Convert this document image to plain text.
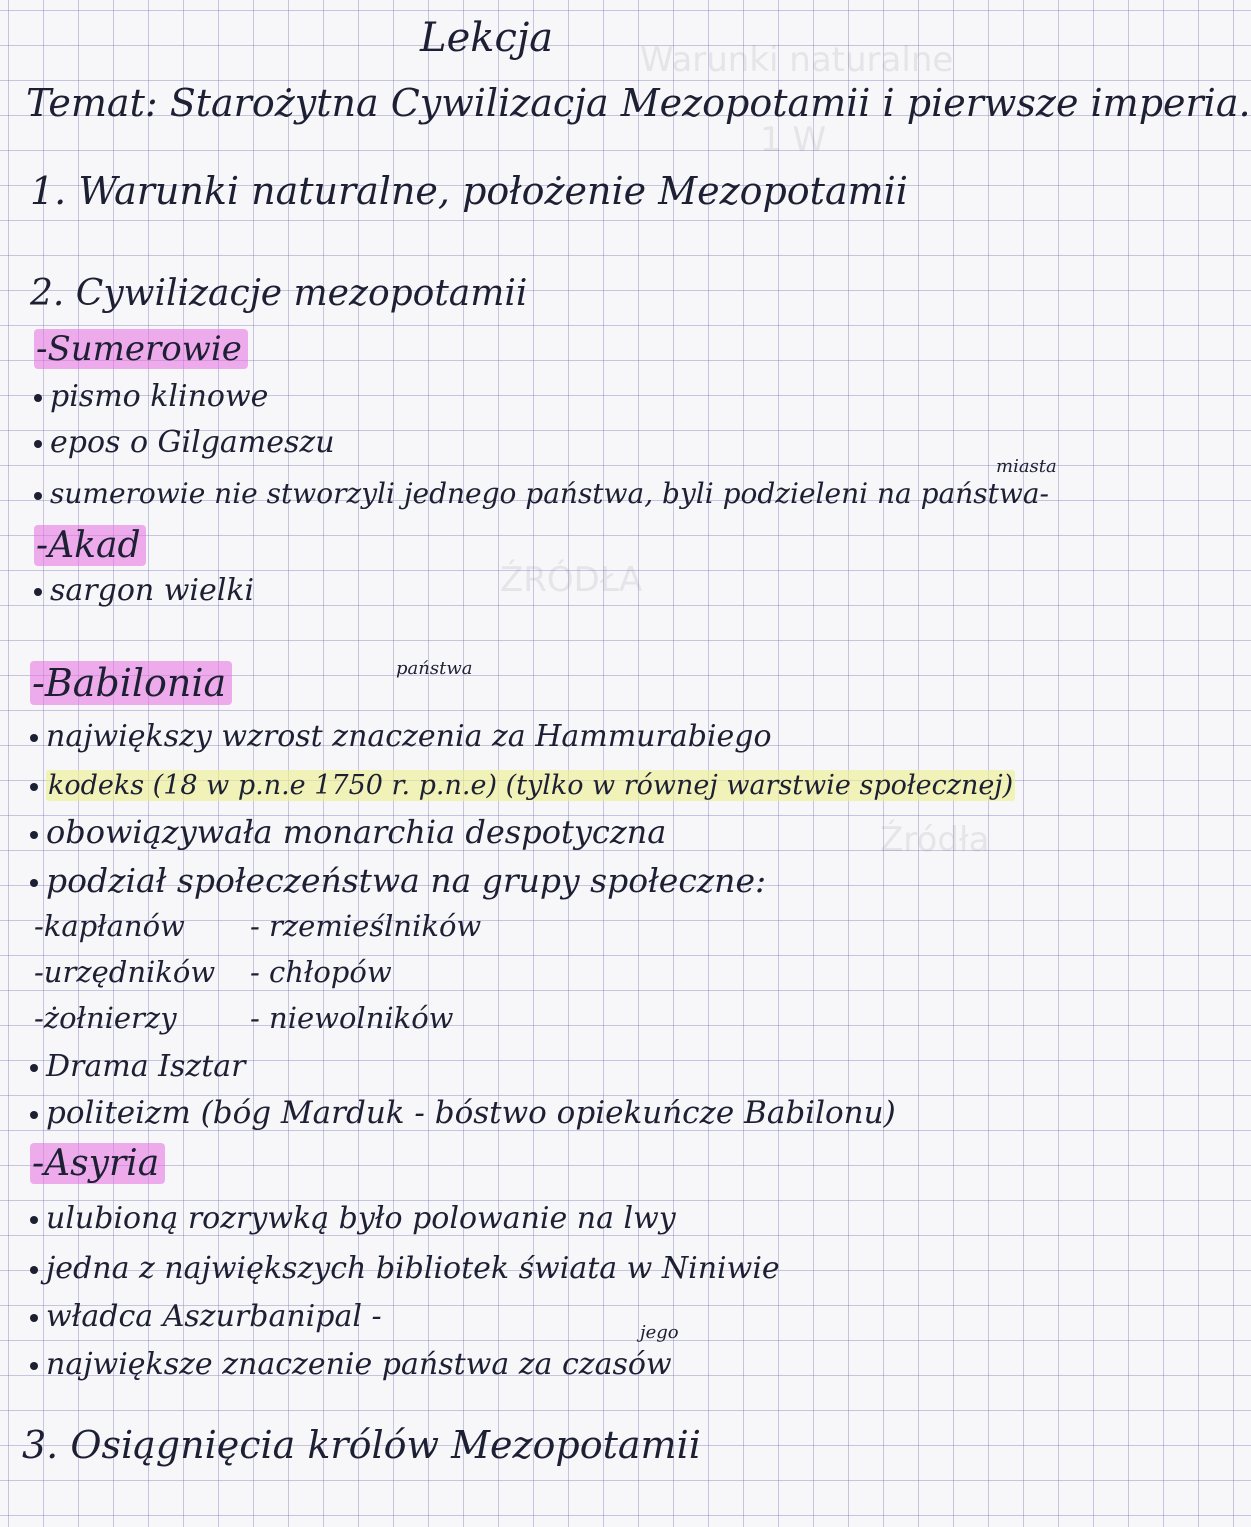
Warunki naturalne
1 W
ŹRÓDŁA
Źródła
Lekcja
Temat: Starożytna Cywilizacja Mezopotamii i pierwsze imperia.
1. Warunki naturalne, położenie Mezopotamii
2. Cywilizacje mezopotamii
-Sumerowie
pismo klinowe
epos o Gilgameszu
miasta
sumerowie nie stworzyli jednego państwa, byli podzieleni na państwa-
-Akad
sargon wielki
-Babilonia	państwa
największy wzrost znaczenia za Hammurabiego
kodeks (18 w p.n.e 1750 r. p.n.e) (tylko w równej warstwie społecznej)
obowiązywała monarchia despotyczna
podział społeczeństwa na grupy społeczne:
-kapłanów
-urzędników
-żołnierzy
- rzemieślników
- chłopów
- niewolników
Drama Isztar
politeizm (bóg Marduk - bóstwo opiekuńcze Babilonu)
-Asyria
ulubioną rozrywką było polowanie na lwy
jedna z największych bibliotek świata w Niniwie
władca Aszurbanipal -	jego
największe znaczenie państwa za czasów
3. Osiągnięcia królów Mezopotamii
